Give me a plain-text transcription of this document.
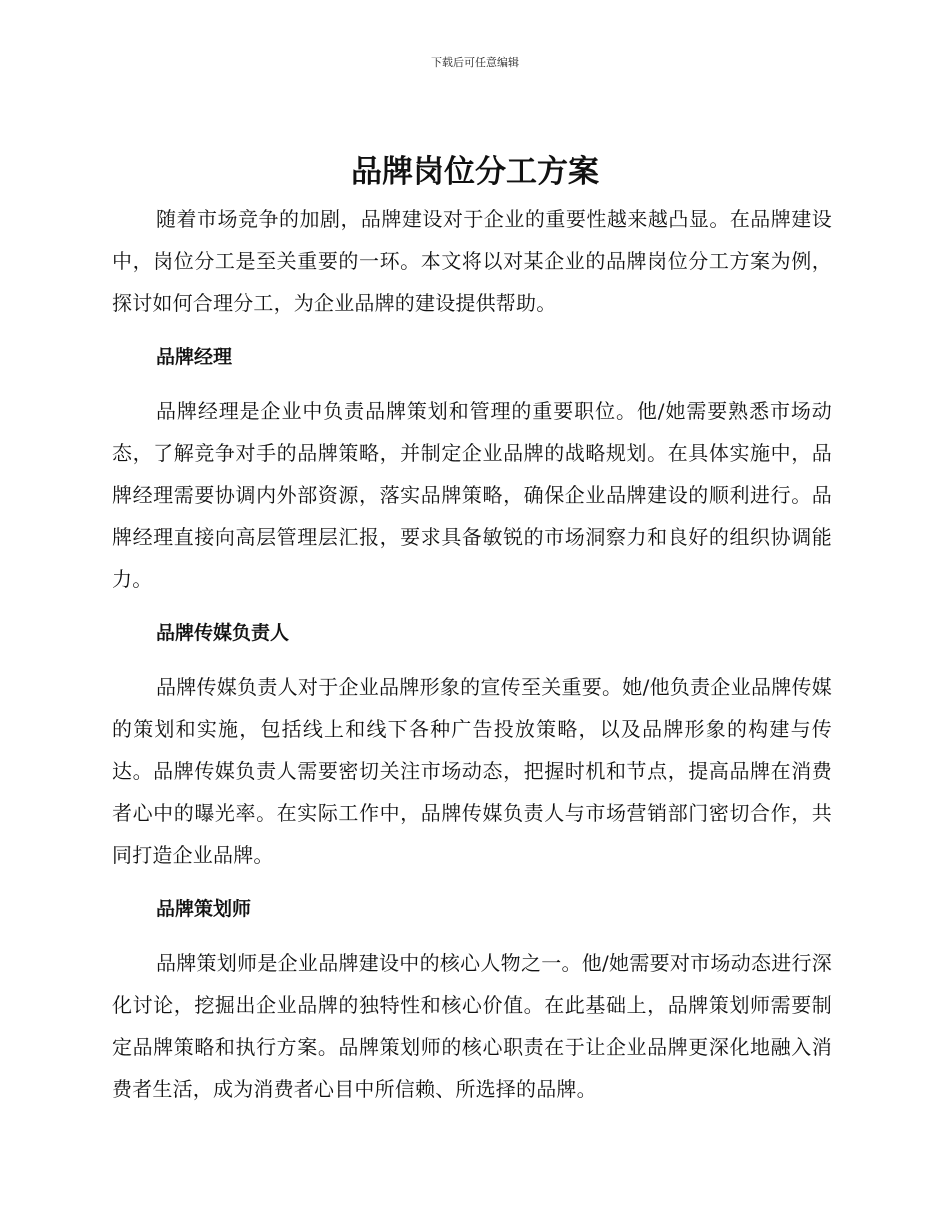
下载后可任意编辑
品牌岗位分工方案

随着市场竞争的加剧，品牌建设对于企业的重要性越来越凸显。在品牌建设中，岗位分工是至关重要的一环。本文将以对某企业的品牌岗位分工方案为例，探讨如何合理分工，为企业品牌的建设提供帮助。

品牌经理

品牌经理是企业中负责品牌策划和管理的重要职位。他/她需要熟悉市场动态，了解竞争对手的品牌策略，并制定企业品牌的战略规划。在具体实施中，品牌经理需要协调内外部资源，落实品牌策略，确保企业品牌建设的顺利进行。品牌经理直接向高层管理层汇报，要求具备敏锐的市场洞察力和良好的组织协调能力。

品牌传媒负责人

品牌传媒负责人对于企业品牌形象的宣传至关重要。她/他负责企业品牌传媒的策划和实施，包括线上和线下各种广告投放策略，以及品牌形象的构建与传达。品牌传媒负责人需要密切关注市场动态，把握时机和节点，提高品牌在消费者心中的曝光率。在实际工作中，品牌传媒负责人与市场营销部门密切合作，共同打造企业品牌。

品牌策划师

品牌策划师是企业品牌建设中的核心人物之一。他/她需要对市场动态进行深化讨论，挖掘出企业品牌的独特性和核心价值。在此基础上，品牌策划师需要制定品牌策略和执行方案。品牌策划师的核心职责在于让企业品牌更深化地融入消费者生活，成为消费者心目中所信赖、所选择的品牌。
